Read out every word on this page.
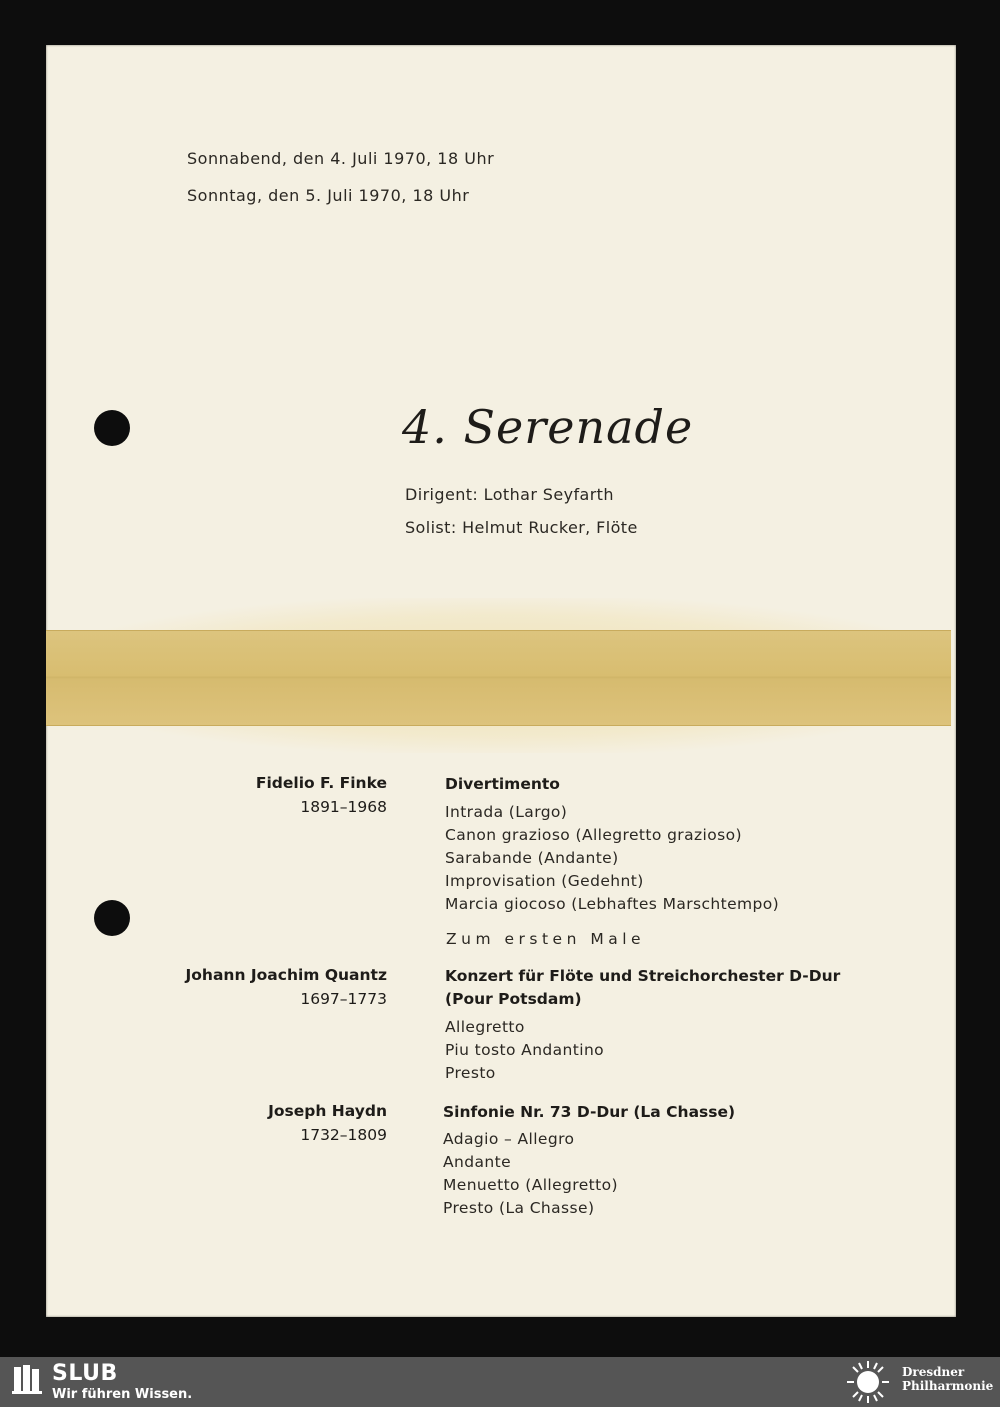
Sonnabend, den 4. Juli 1970, 18 Uhr
Sonntag, den 5. Juli 1970, 18 Uhr
4. Serenade
Dirigent: Lothar Seyfarth
Solist: Helmut Rucker, Flöte
Fidelio F. Finke
1891–1968
Divertimento
Intrada (Largo)
Canon grazioso (Allegretto grazioso)
Sarabande (Andante)
Improvisation (Gedehnt)
Marcia giocoso (Lebhaftes Marschtempo)
Zum ersten Male
Johann Joachim Quantz
1697–1773
Konzert für Flöte und Streichorchester D-Dur
(Pour Potsdam)
Allegretto
Piu tosto Andantino
Presto
Joseph Haydn
1732–1809
Sinfonie Nr. 73 D-Dur (La Chasse)
Adagio – Allegro
Andante
Menuetto (Allegretto)
Presto (La Chasse)
SLUB
Wir führen Wissen.
Dresdner
Philharmonie
